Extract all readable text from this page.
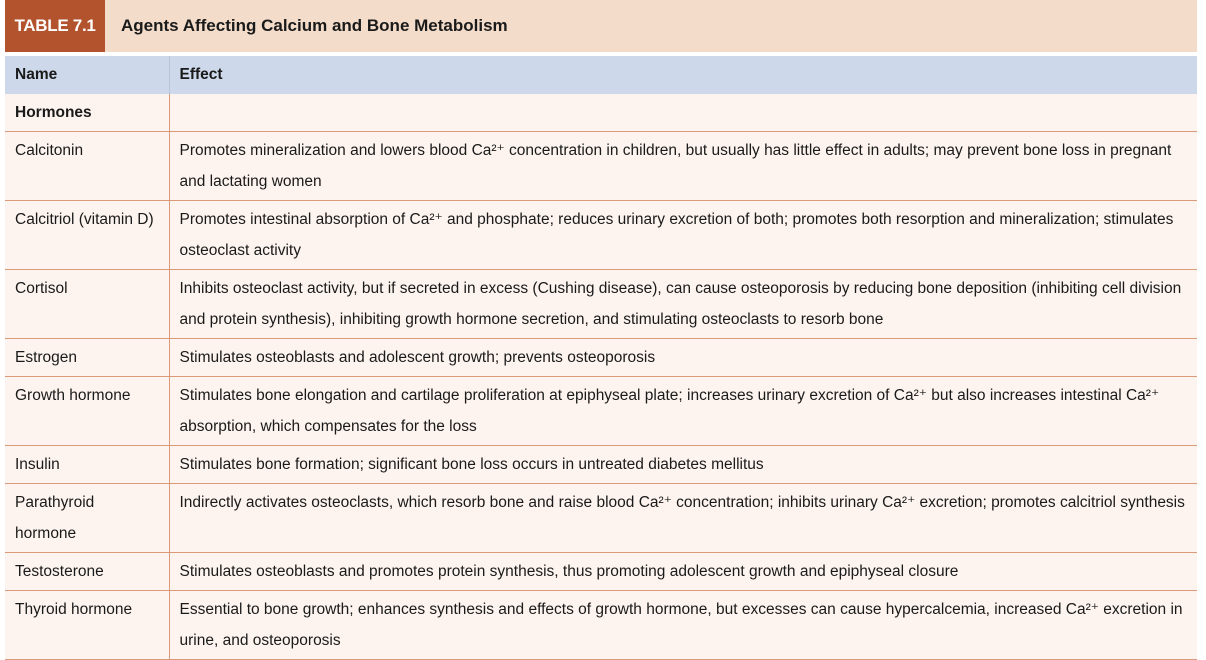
TABLE 7.1	Agents Affecting Calcium and Bone Metabolism
Name	Effect
Hormones	
Calcitonin	Promotes mineralization and lowers blood Ca²⁺ concentration in children, but usually has little effect in adults; may prevent bone loss in pregnant and lactating women
Calcitriol (vitamin D)	Promotes intestinal absorption of Ca²⁺ and phosphate; reduces urinary excretion of both; promotes both resorption and mineralization; stimulates osteoclast activity
Cortisol	Inhibits osteoclast activity, but if secreted in excess (Cushing disease), can cause osteoporosis by reducing bone deposition (inhibiting cell division and protein synthesis), inhibiting growth hormone secretion, and stimulating osteoclasts to resorb bone
Estrogen	Stimulates osteoblasts and adolescent growth; prevents osteoporosis
Growth hormone	Stimulates bone elongation and cartilage proliferation at epiphyseal plate; increases urinary excretion of Ca²⁺ but also increases intestinal Ca²⁺ absorption, which compensates for the loss
Insulin	Stimulates bone formation; significant bone loss occurs in untreated diabetes mellitus
Parathyroid hormone	Indirectly activates osteoclasts, which resorb bone and raise blood Ca²⁺ concentration; inhibits urinary Ca²⁺ excretion; promotes calcitriol synthesis
Testosterone	Stimulates osteoblasts and promotes protein synthesis, thus promoting adolescent growth and epiphyseal closure
Thyroid hormone	Essential to bone growth; enhances synthesis and effects of growth hormone, but excesses can cause hypercalcemia, increased Ca²⁺ excretion in urine, and osteoporosis
